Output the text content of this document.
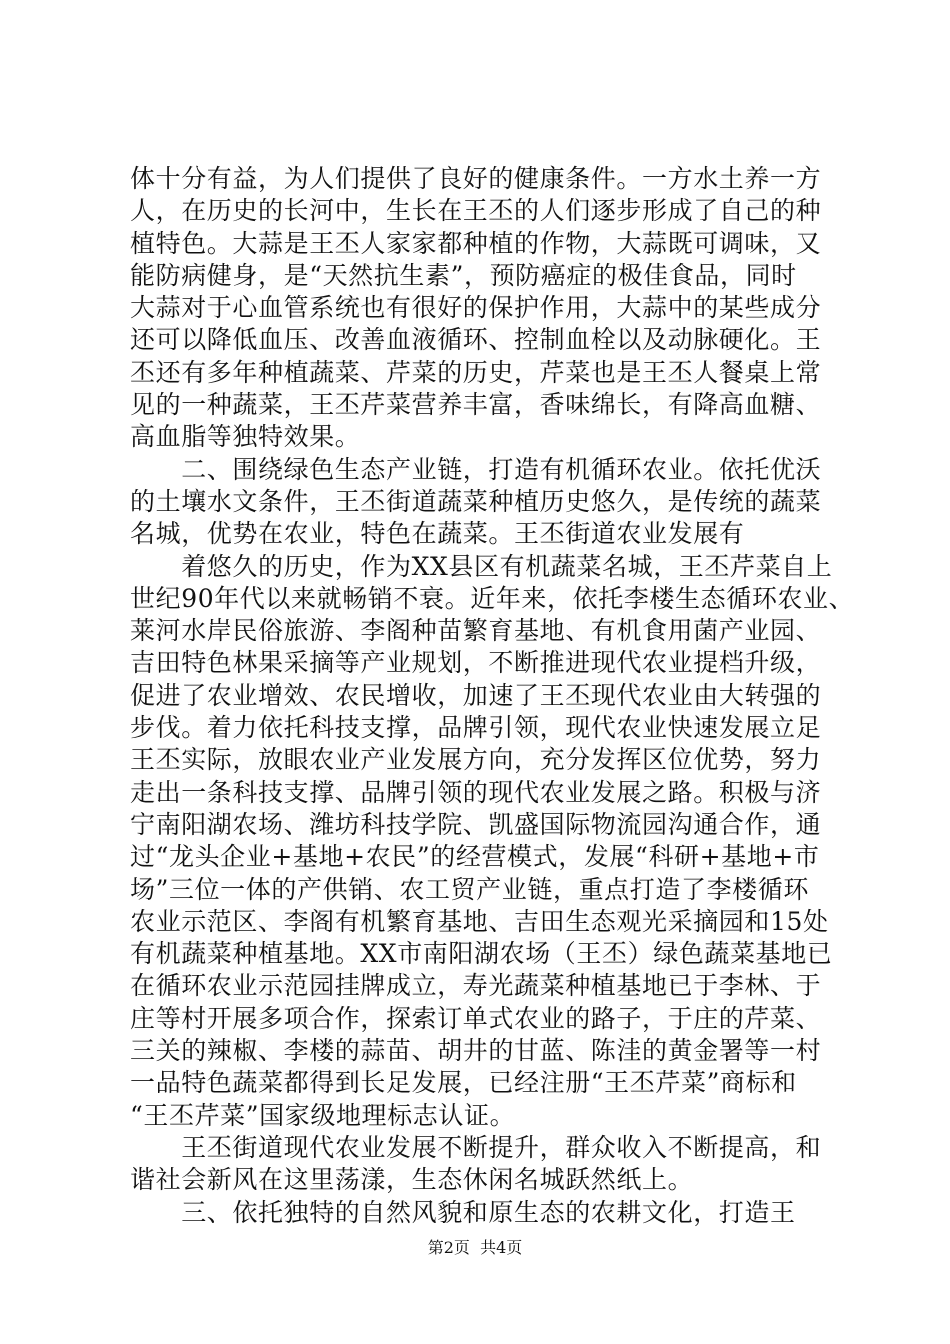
体十分有益，为人们提供了良好的健康条件。一方水土养一方
人，在历史的长河中，生长在王丕的人们逐步形成了自己的种
植特色。大蒜是王丕人家家都种植的作物，大蒜既可调味，又
能防病健身，是“天然抗生素”，预防癌症的极佳食品，同时
大蒜对于心血管系统也有很好的保护作用，大蒜中的某些成分
还可以降低血压、改善血液循环、控制血栓以及动脉硬化。王
丕还有多年种植蔬菜、芹菜的历史，芹菜也是王丕人餐桌上常
见的一种蔬菜，王丕芹菜营养丰富，香味绵长，有降高血糖、
高血脂等独特效果。
　　二、围绕绿色生态产业链，打造有机循环农业。依托优沃
的土壤水文条件，王丕街道蔬菜种植历史悠久，是传统的蔬菜
名城，优势在农业，特色在蔬菜。王丕街道农业发展有
　　着悠久的历史，作为XX县区有机蔬菜名城，王丕芹菜自上
世纪90年代以来就畅销不衰。近年来，依托李楼生态循环农业、
莱河水岸民俗旅游、李阁种苗繁育基地、有机食用菌产业园、
吉田特色林果采摘等产业规划，不断推进现代农业提档升级，
促进了农业增效、农民增收，加速了王丕现代农业由大转强的
步伐。着力依托科技支撑，品牌引领，现代农业快速发展立足
王丕实际，放眼农业产业发展方向，充分发挥区位优势，努力
走出一条科技支撑、品牌引领的现代农业发展之路。积极与济
宁南阳湖农场、潍坊科技学院、凯盛国际物流园沟通合作，通
过“龙头企业+基地+农民”的经营模式，发展“科研+基地+市
场”三位一体的产供销、农工贸产业链，重点打造了李楼循环
农业示范区、李阁有机繁育基地、吉田生态观光采摘园和15处
有机蔬菜种植基地。XX市南阳湖农场（王丕）绿色蔬菜基地已
在循环农业示范园挂牌成立，寿光蔬菜种植基地已于李林、于
庄等村开展多项合作，探索订单式农业的路子，于庄的芹菜、
三关的辣椒、李楼的蒜苗、胡井的甘蓝、陈洼的黄金署等一村
一品特色蔬菜都得到长足发展，已经注册“王丕芹菜”商标和
“王丕芹菜”国家级地理标志认证。
　　王丕街道现代农业发展不断提升，群众收入不断提高，和
谐社会新风在这里荡漾，生态休闲名城跃然纸上。
　　三、依托独特的自然风貌和原生态的农耕文化，打造王
第2页 共4页
